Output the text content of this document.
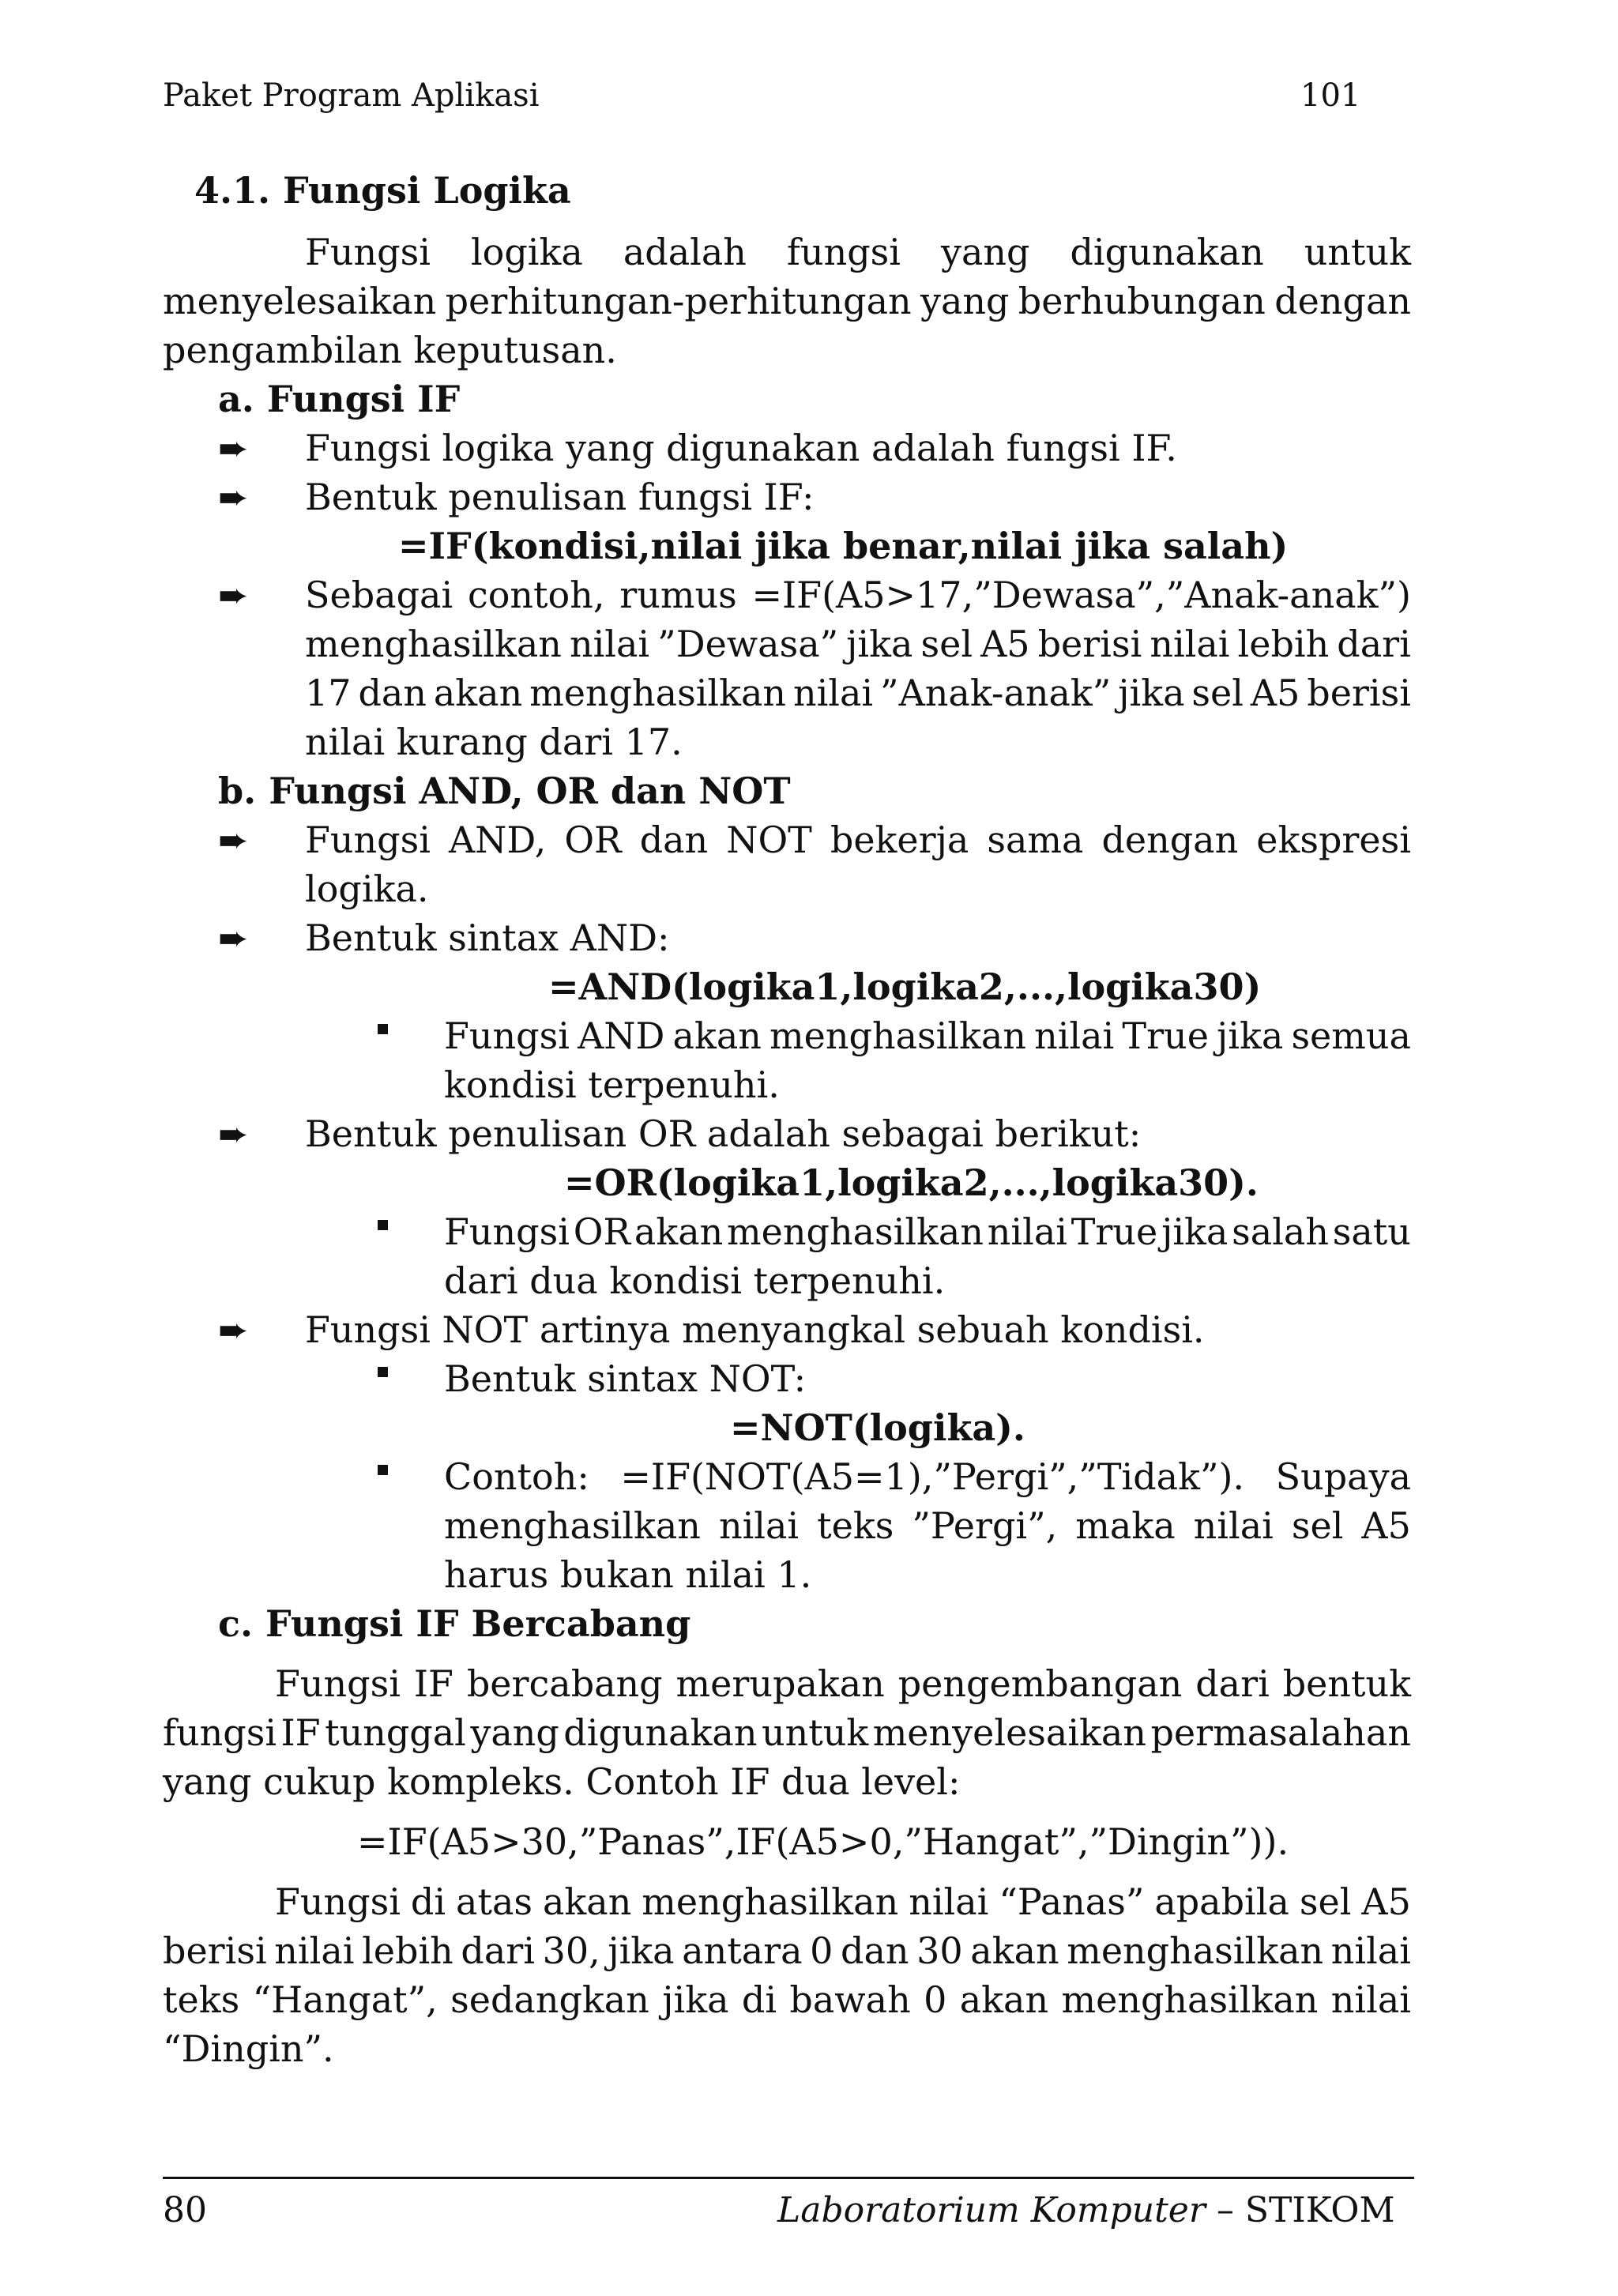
Paket Program Aplikasi	101
4.1. Fungsi Logika
Fungsi logika adalah fungsi yang digunakan untuk
menyelesaikan perhitungan-perhitungan yang berhubungan dengan
pengambilan keputusan.
a. Fungsi IF
➨ Fungsi logika yang digunakan adalah fungsi IF.
➨ Bentuk penulisan fungsi IF:
=IF(kondisi,nilai jika benar,nilai jika salah)
➨ Sebagai contoh, rumus =IF(A5>17,”Dewasa”,”Anak-anak”)
menghasilkan nilai ”Dewasa” jika sel A5 berisi nilai lebih dari
17 dan akan menghasilkan nilai ”Anak-anak” jika sel A5 berisi
nilai kurang dari 17.
b. Fungsi AND, OR dan NOT
➨ Fungsi AND, OR dan NOT bekerja sama dengan ekspresi
logika.
➨ Bentuk sintax AND:
=AND(logika1,logika2,...,logika30)
Fungsi AND akan menghasilkan nilai True jika semua
kondisi terpenuhi.
➨ Bentuk penulisan OR adalah sebagai berikut:
=OR(logika1,logika2,...,logika30).
Fungsi OR akan menghasilkan nilai True jika salah satu
dari dua kondisi terpenuhi.
➨ Fungsi NOT artinya menyangkal sebuah kondisi.
Bentuk sintax NOT:
=NOT(logika).
Contoh: =IF(NOT(A5=1),”Pergi”,”Tidak”). Supaya
menghasilkan nilai teks ”Pergi”, maka nilai sel A5
harus bukan nilai 1.
c. Fungsi IF Bercabang
Fungsi IF bercabang merupakan pengembangan dari bentuk
fungsi IF tunggal yang digunakan untuk menyelesaikan permasalahan
yang cukup kompleks. Contoh IF dua level:
=IF(A5>30,”Panas”,IF(A5>0,”Hangat”,”Dingin”)).
Fungsi di atas akan menghasilkan nilai “Panas” apabila sel A5
berisi nilai lebih dari 30, jika antara 0 dan 30 akan menghasilkan nilai
teks “Hangat”, sedangkan jika di bawah 0 akan menghasilkan nilai
“Dingin”.
80	Laboratorium Komputer – STIKOM
